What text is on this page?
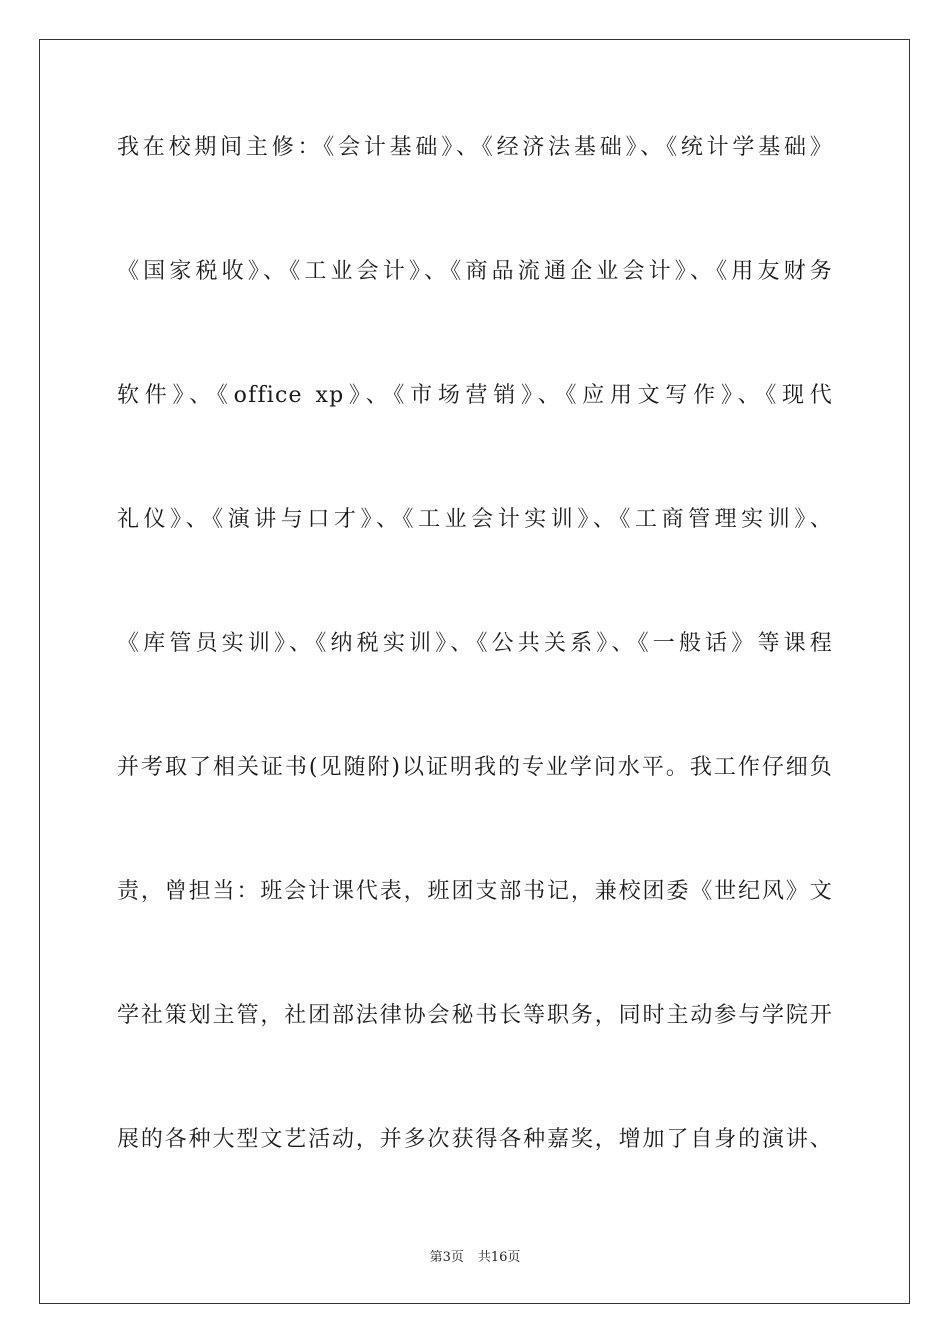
我在校期间主修：《会计基础》、《经济法基础》、《统计学基础》
《国家税收》、《工业会计》、《商品流通企业会计》、《用友财务
软件》、《office xp》、《市场营销》、《应用文写作》、《现代
礼仪》、《演讲与口才》、《工业会计实训》、《工商管理实训》、
《库管员实训》、《纳税实训》、《公共关系》、《一般话》等课程
并考取了相关证书(见随附)以证明我的专业学问水平。我工作仔细负
责，曾担当：班会计课代表，班团支部书记，兼校团委《世纪风》文
学社策划主管，社团部法律协会秘书长等职务，同时主动参与学院开
展的各种大型文艺活动，并多次获得各种嘉奖，增加了自身的演讲、
第3页 共16页
